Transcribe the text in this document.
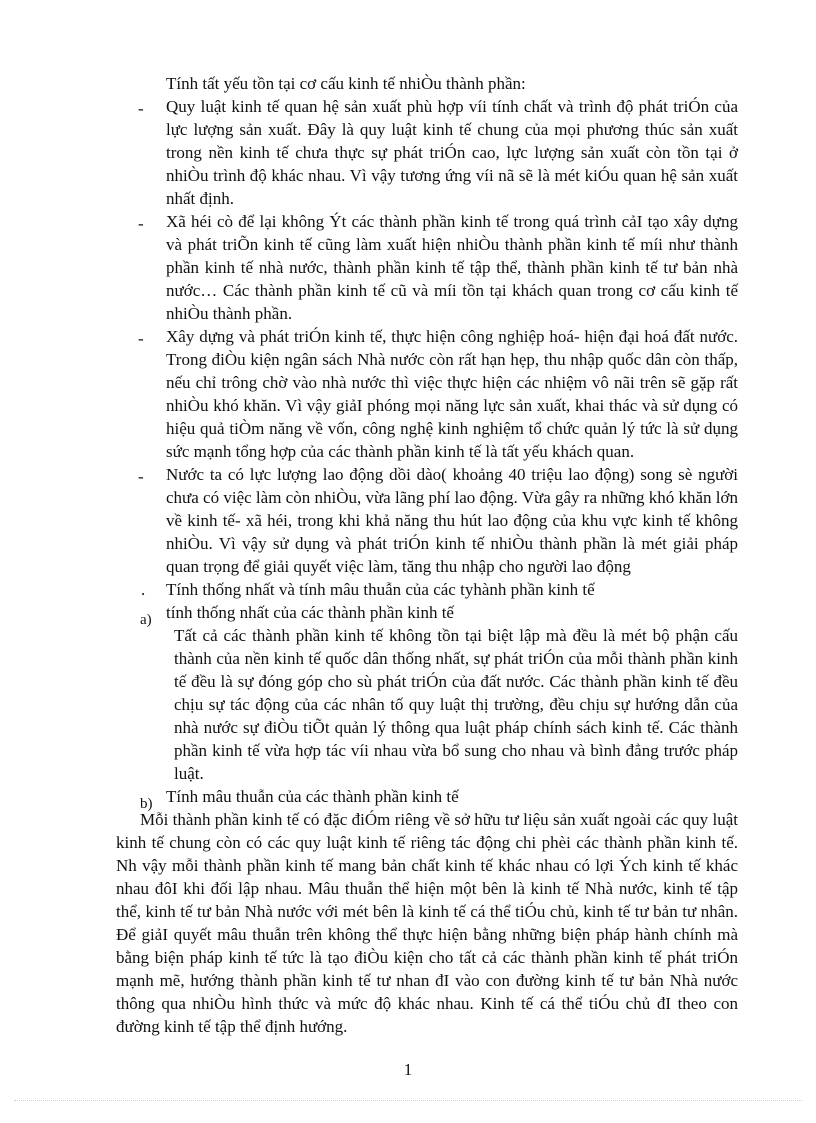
Tính tất yếu tồn tại cơ cấu kinh tế nhiÒu thành phần:
- Quy luật kinh tế quan hệ sản xuất phù hợp víi tính chất và trình độ phát triÓn của lực lượng sản xuất. Đây là quy luật kinh tế chung của mọi phương thúc sản xuất trong nền kinh tế chưa thực sự phát triÓn cao, lực lượng sản xuất còn tồn tại ở nhiÒu trình độ khác nhau. Vì vậy tương ứng víi nã sẽ là mét kiÓu quan hệ sản xuất nhất định.
- Xã héi cò để lại không Ýt các thành phần kinh tế trong quá trình cảI tạo xây dựng và phát triÕn kinh tế cũng làm xuất hiện nhiÒu thành phần kinh tế míi như thành phần kinh tế nhà nước, thành phần kinh tế tập thể, thành phần kinh tế tư bản nhà nước… Các thành phần kinh tế cũ và míi tồn tại khách quan trong cơ cấu kinh tế nhiÒu thành phần.
- Xây dựng và phát triÓn kinh tế, thực hiện công nghiệp hoá- hiện đại hoá đất nước. Trong điÒu kiện ngân sách Nhà nước còn rất hạn hẹp, thu nhập quốc dân còn thấp, nếu chỉ trông chờ vào nhà nước thì việc thực hiện các nhiệm vô nãi trên sẽ gặp rất nhiÒu khó khăn. Vì vậy giảI phóng mọi năng lực sản xuất, khai thác và sử dụng có hiệu quả tiÒm năng về vốn, công nghệ kinh nghiệm tổ chức quản lý tức là sử dụng sức mạnh tổng hợp của các thành phần kinh tế là tất yếu khách quan.
- Nước ta có lực lượng lao động dồi dào( khoảng 40 triệu lao động) song sè người chưa có việc làm còn nhiÒu, vừa lãng phí lao động. Vừa gây ra những khó khăn lớn về kinh tế- xã héi, trong khi khả năng thu hút lao động của khu vực kinh tế không nhiÒu. Vì vậy sử dụng và phát triÓn kinh tế nhiÒu thành phần là mét giải pháp quan trọng để giải quyết việc làm, tăng thu nhập cho người lao động
. Tính thống nhất và tính mâu thuẫn của các tyhành phần kinh tế
a) tính thống nhất của các thành phần kinh tế
Tất cả các thành phần kinh tế không tồn tại biệt lập mà đều là mét bộ phận cấu thành của nền kinh tế quốc dân thống nhất, sự phát triÓn của mỗi thành phần kinh tế đều là sự đóng góp cho sù phát triÓn của đất nước. Các thành phần kinh tế đều chịu sự tác động của các nhân tố quy luật thị trường, đều chịu sự hướng dẫn của nhà nước sự điÒu tiÕt quản lý thông qua luật pháp chính sách kinh tế. Các thành phần kinh tế vừa hợp tác víi nhau vừa bổ sung cho nhau và bình đẳng trước pháp luật.
b) Tính mâu thuẫn của các thành phần kinh tế
Mỗi thành phần kinh tế có đặc điÓm riêng về sở hữu tư liệu sản xuất ngoài các quy luật kinh tế chung còn có các quy luật kinh tế riêng tác động chi phèi các thành phần kinh tế. Nh vậy mỗi thành phần kinh tế mang bản chất kinh tế khác nhau có lợi Ých kinh tế khác nhau đôI khi đối lập nhau. Mâu thuẫn thể hiện một bên là kinh tế Nhà nước, kinh tế tập thể, kinh tế tư bản Nhà nước với mét bên là kinh tế cá thể tiÓu chủ, kinh tế tư bản tư nhân. Để giảI quyết mâu thuẫn trên không thể thực hiện bằng những biện pháp hành chính mà bằng biện pháp kinh tế tức là tạo điÒu kiện cho tất cả các thành phần kinh tế phát triÓn mạnh mẽ, hướng thành phần kinh tế tư nhan đI vào con đường kinh tế tư bản Nhà nước thông qua nhiÒu hình thức và mức độ khác nhau. Kinh tế cá thể tiÓu chủ đI theo con đường kinh tế tập thể định hướng.
1
